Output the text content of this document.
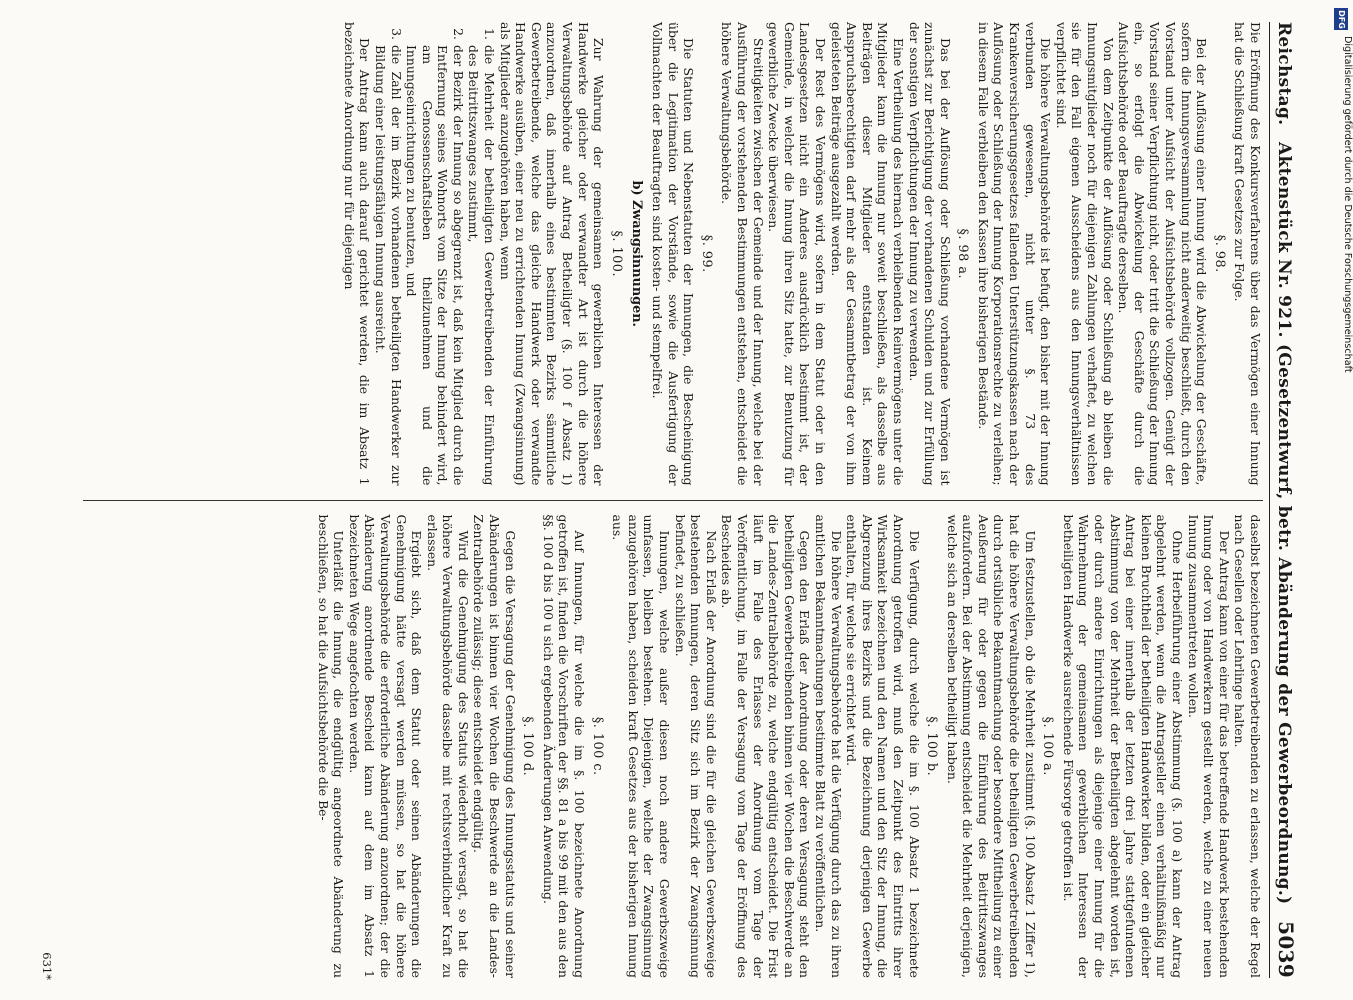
Reichstag.
Aktenstück Nr. 921. (Gesetzentwurf, betr. Abänderung der Gewerbeordnung.)
5039

Die Eröffnung des Konkursverfahrens über das Vermögen einer Innung hat die Schließung kraft Gesetzes zur Folge.

§. 98.

Bei der Auflösung einer Innung wird die Abwickelung der Geschäfte, sofern die Innungsversammlung nicht anderweitig beschließt, durch den Vorstand unter Aufsicht der Aufsichtsbehörde vollzogen. Genügt der Vorstand seiner Verpflichtung nicht, oder tritt die Schließung der Innung ein, so erfolgt die Abwickelung der Geschäfte durch die Aufsichtsbehörde oder Beauftragte derselben.

Von dem Zeitpunkte der Auflösung oder Schließung ab bleiben die Innungsmitglieder noch für diejenigen Zahlungen verhaftet, zu welchen sie für den Fall eigenen Ausscheidens aus den Innungsverhältnissen verpflichtet sind.

Die höhere Verwaltungsbehörde ist befugt, den bisher mit der Innung verbunden gewesenen, nicht unter §. 73 des Krankenversicherungsgesetzes fallenden Unterstützungskassen nach der Auflösung oder Schließung der Innung Korporationsrechte zu verleihen; in diesem Falle verbleiben den Kassen ihre bisherigen Bestände.

§. 98 a.

Das bei der Auflösung oder Schließung vorhandene Vermögen ist zunächst zur Berichtigung der vorhandenen Schulden und zur Erfüllung der sonstigen Verpflichtungen der Innung zu verwenden.

Eine Vertheilung des hiernach verbleibenden Reinvermögens unter die Mitglieder kann die Innung nur soweit beschließen, als dasselbe aus Beiträgen dieser Mitglieder entstanden ist. Keinem Anspruchsberechtigten darf mehr als der Gesammtbetrag der von ihm geleisteten Beiträge ausgezahlt werden.

Der Rest des Vermögens wird, sofern in dem Statut oder in den Landesgesetzen nicht ein Anderes ausdrücklich bestimmt ist, der Gemeinde, in welcher die Innung ihren Sitz hatte, zur Benutzung für gewerbliche Zwecke überwiesen.

Streitigkeiten zwischen der Gemeinde und der Innung, welche bei der Ausführung der vorstehenden Bestimmungen entstehen, entscheidet die höhere Verwaltungsbehörde.

§. 99.

Die Statuten und Nebenstatuten der Innungen, die Bescheinigung über die Legitimation der Vorstände, sowie die Ausfertigung der Vollmachten der Beauftragten sind kosten- und stempelfrei.

b) Zwangsinnungen.
§. 100.

Zur Wahrung der gemeinsamen gewerblichen Interessen der Handwerke gleicher oder verwandter Art ist durch die höhere Verwaltungsbehörde auf Antrag Betheiligter (§. 100 f Absatz 1) anzuordnen, daß innerhalb eines bestimmten Bezirks sämmtliche Gewerbetreibende, welche das gleiche Handwerk oder verwandte Handwerke ausüben, einer neu zu errichtenden Innung (Zwangsinnung) als Mitglieder anzugehören haben, wenn

1.
die Mehrheit der betheiligten Gewerbetreibenden der Einführung des Beitrittszwanges zustimmt,
2.
der Bezirk der Innung so abgegrenzt ist, daß kein Mitglied durch die Entfernung seines Wohnorts vom Sitze der Innung behindert wird, am Genossenschaftsleben theilzunehmen und die Innungseinrichtungen zu benutzen, und
3.
die Zahl der im Bezirk vorhandenen betheiligten Handwerker zur Bildung einer leistungsfähigen Innung ausreicht.

Der Antrag kann auch darauf gerichtet werden, die im Absatz 1 bezeichnete Anordnung nur für diejenigen

daselbst bezeichneten Gewerbetreibenden zu erlassen, welche der Regel nach Gesellen oder Lehrlinge halten.

Der Antrag kann von einer für das betreffende Handwerk bestehenden Innung oder von Handwerkern gestellt werden, welche zu einer neuen Innung zusammentreten wollen.

Ohne Herbeiführung einer Abstimmung (§. 100 a) kann der Antrag abgelehnt werden, wenn die Antragsteller einen verhältnißmäßig nur kleinen Bruchtheil der betheiligten Handwerker bilden, oder ein gleicher Antrag bei einer innerhalb der letzten drei Jahre stattgefundenen Abstimmung von der Mehrheit der Betheiligten abgelehnt worden ist, oder durch andere Einrichtungen als diejenige einer Innung für die Wahrnehmung der gemeinsamen gewerblichen Interessen der betheiligten Handwerke ausreichende Fürsorge getroffen ist.

§. 100 a.

Um festzustellen, ob die Mehrheit zustimmt (§. 100 Absatz 1 Ziffer 1), hat die höhere Verwaltungsbehörde die betheiligten Gewerbetreibenden durch ortsübliche Bekanntmachung oder besondere Mittheilung zu einer Aeußerung für oder gegen die Einführung des Beitrittszwanges aufzufordern. Bei der Abstimmung entscheidet die Mehrheit derjenigen, welche sich an derselben betheiligt haben.

§. 100 b.

Die Verfügung, durch welche die im §. 100 Absatz 1 bezeichnete Anordnung getroffen wird, muß den Zeitpunkt des Eintritts ihrer Wirksamkeit bezeichnen und den Namen und den Sitz der Innung, die Abgrenzung ihres Bezirks und die Bezeichnung derjenigen Gewerbe enthalten, für welche sie errichtet wird.

Die höhere Verwaltungsbehörde hat die Verfügung durch das zu ihren amtlichen Bekanntmachungen bestimmte Blatt zu veröffentlichen.

Gegen den Erlaß der Anordnung oder deren Versagung steht den betheiligten Gewerbetreibenden binnen vier Wochen die Beschwerde an die Landes-Zentralbehörde zu, welche endgültig entscheidet. Die Frist läuft im Falle des Erlasses der Anordnung vom Tage der Veröffentlichung, im Falle der Versagung vom Tage der Eröffnung des Bescheides ab.

Nach Erlaß der Anordnung sind die für die gleichen Gewerbszweige bestehenden Innungen, deren Sitz sich im Bezirk der Zwangsinnung befindet, zu schließen.

Innungen, welche außer diesen noch andere Gewerbszweige umfassen, bleiben bestehen. Diejenigen, welche der Zwangsinnung anzugehören haben, scheiden kraft Gesetzes aus der bisherigen Innung aus.

§. 100 c.

Auf Innungen, für welche die im §. 100 bezeichnete Anordnung getroffen ist, finden die Vorschriften der §§. 81 a bis 99 mit den aus den §§. 100 d bis 100 u sich ergebenden Änderungen Anwendung.

§. 100 d.

Gegen die Versagung der Genehmigung des Innungsstatuts und seiner Abänderungen ist binnen vier Wochen die Beschwerde an die Landes-Zentralbehörde zulässig; diese entscheidet endgültig.

Wird die Genehmigung des Statuts wiederholt versagt, so hat die höhere Verwaltungsbehörde dasselbe mit rechtsverbindlicher Kraft zu erlassen.

Ergiebt sich, daß dem Statut oder seinen Abänderungen die Genehmigung hätte versagt werden müssen, so hat die höhere Verwaltungsbehörde die erforderliche Abänderung anzuordnen; der die Abänderung anordnende Bescheid kann auf dem im Absatz 1 bezeichneten Wege angefochten werden.

Unterläßt die Innung, die endgültig angeordnete Abänderung zu beschließen, so hat die Aufsichtsbehörde die Be-

631*
DFG
Digitalisierung gefördert durch die Deutsche Forschungsgemeinschaft
